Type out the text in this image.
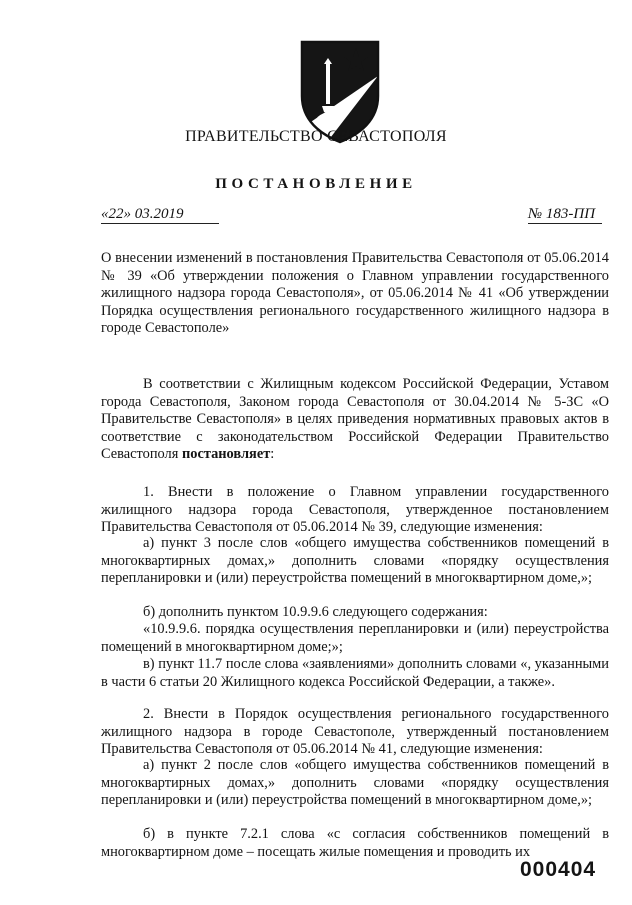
ПРАВИТЕЛЬСТВО СЕВАСТОПОЛЯ
ПОСТАНОВЛЕНИЕ
«22» 03.2019	№ 183-ПП
О внесении изменений в постановления Правительства Севастополя от 05.06.2014 № 39 «Об утверждении положения о Главном управлении государственного жилищного надзора города Севастополя», от 05.06.2014 № 41 «Об утверждении Порядка осуществления регионального государственного жилищного надзора в городе Севастополе»
В соответствии с Жилищным кодексом Российской Федерации, Уставом города Севастополя, Законом города Севастополя от 30.04.2014 № 5-ЗС «О Правительстве Севастополя» в целях приведения нормативных правовых актов в соответствие с законодательством Российской Федерации Правительство Севастополя постановляет:
1. Внести в положение о Главном управлении государственного жилищного надзора города Севастополя, утвержденное постановлением Правительства Севастополя от 05.06.2014 № 39, следующие изменения:
а) пункт 3 после слов «общего имущества собственников помещений в многоквартирных домах,» дополнить словами «порядку осуществления перепланировки и (или) переустройства помещений в многоквартирном доме,»;
б) дополнить пунктом 10.9.9.6 следующего содержания:
«10.9.9.6. порядка осуществления перепланировки и (или) переустройства помещений в многоквартирном доме;»;
в) пункт 11.7 после слова «заявлениями» дополнить словами «, указанными в части 6 статьи 20 Жилищного кодекса Российской Федерации, а также».
2. Внести в Порядок осуществления регионального государственного жилищного надзора в городе Севастополе, утвержденный постановлением Правительства Севастополя от 05.06.2014 № 41, следующие изменения:
а) пункт 2 после слов «общего имущества собственников помещений в многоквартирных домах,» дополнить словами «порядку осуществления перепланировки и (или) переустройства помещений в многоквартирном доме,»;
б) в пункте 7.2.1 слова «с согласия собственников помещений в многоквартирном доме – посещать жилые помещения и проводить их
000404
